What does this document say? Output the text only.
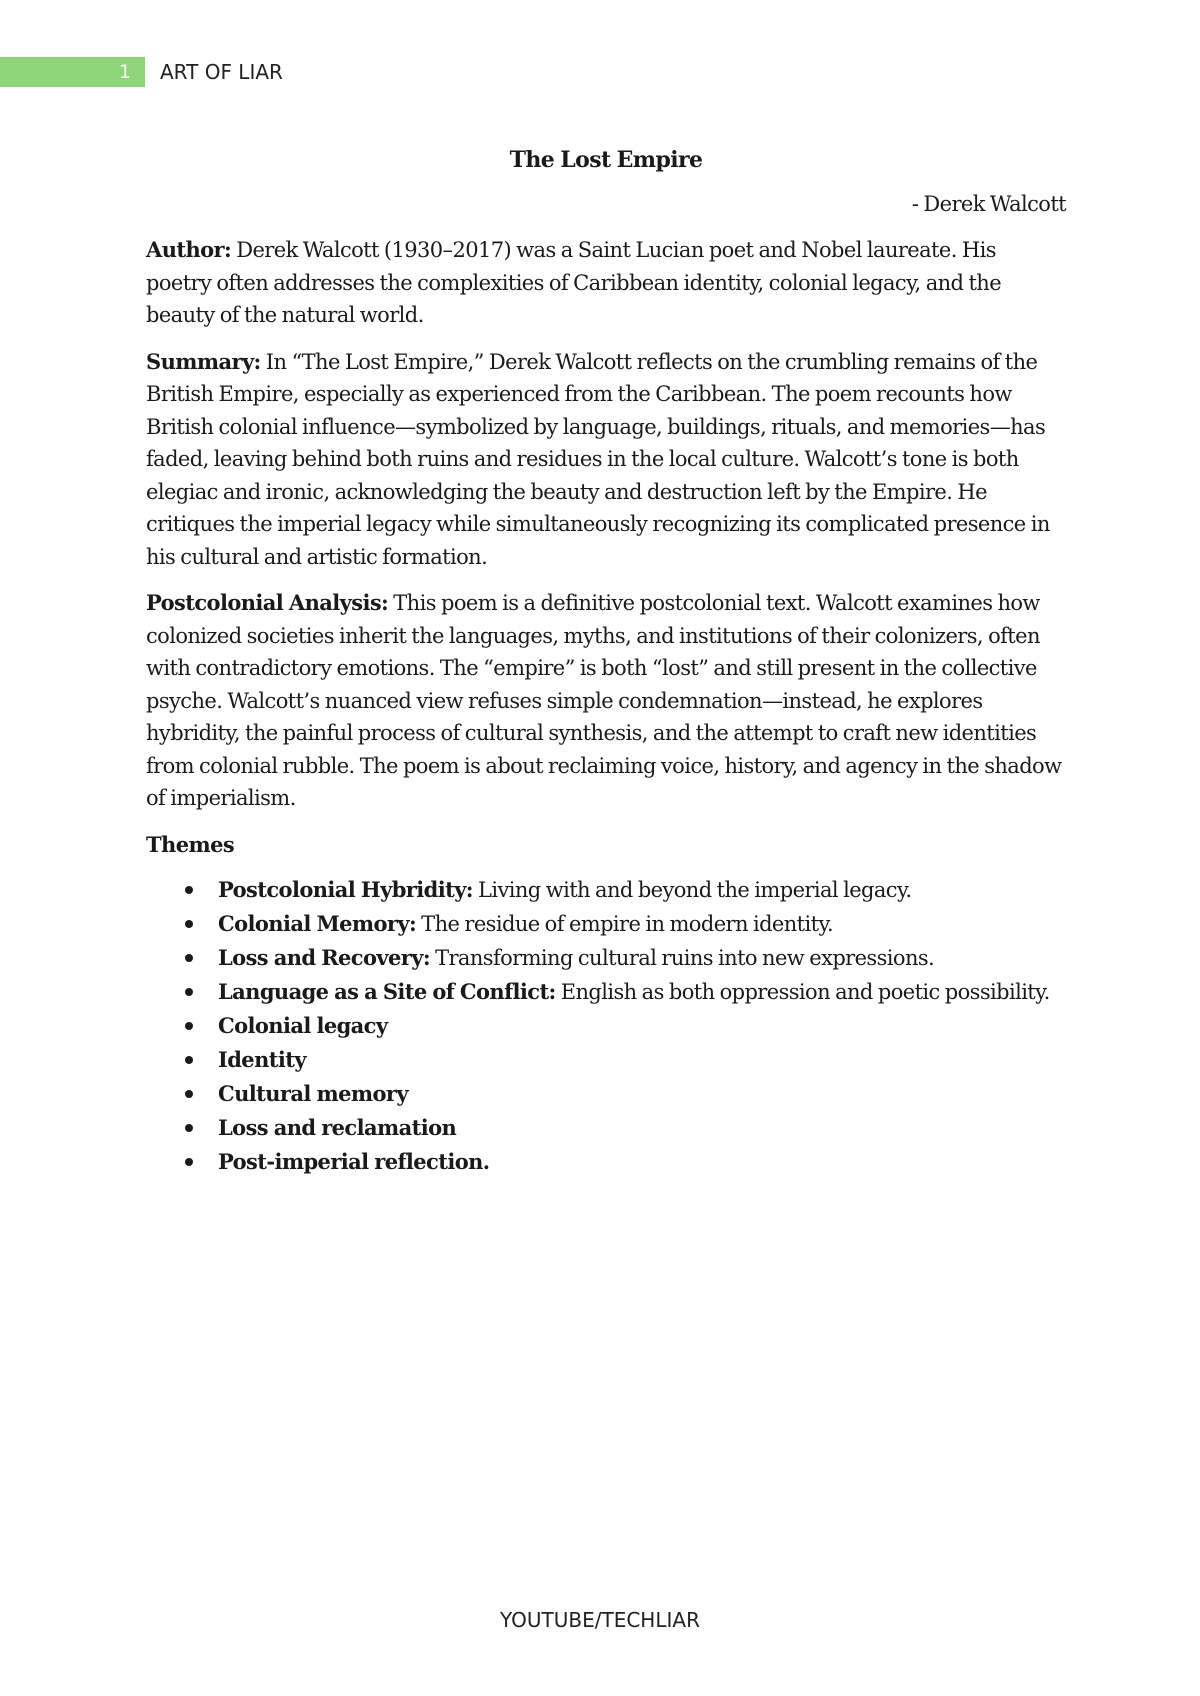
1	ART OF LIAR
The Lost Empire
- Derek Walcott

Author: Derek Walcott (1930–2017) was a Saint Lucian poet and Nobel laureate. His poetry often addresses the complexities of Caribbean identity, colonial legacy, and the beauty of the natural world.

Summary: In “The Lost Empire,” Derek Walcott reflects on the crumbling remains of the British Empire, especially as experienced from the Caribbean. The poem recounts how British colonial influence—symbolized by language, buildings, rituals, and memories—has faded, leaving behind both ruins and residues in the local culture. Walcott’s tone is both elegiac and ironic, acknowledging the beauty and destruction left by the Empire. He critiques the imperial legacy while simultaneously recognizing its complicated presence in his cultural and artistic formation.

Postcolonial Analysis: This poem is a definitive postcolonial text. Walcott examines how colonized societies inherit the languages, myths, and institutions of their colonizers, often with contradictory emotions. The “empire” is both “lost” and still present in the collective psyche. Walcott’s nuanced view refuses simple condemnation—instead, he explores hybridity, the painful process of cultural synthesis, and the attempt to craft new identities from colonial rubble. The poem is about reclaiming voice, history, and agency in the shadow of imperialism.

Themes
Postcolonial Hybridity: Living with and beyond the imperial legacy.
Colonial Memory: The residue of empire in modern identity.
Loss and Recovery: Transforming cultural ruins into new expressions.
Language as a Site of Conflict: English as both oppression and poetic possibility.
Colonial legacy
Identity
Cultural memory
Loss and reclamation
Post-imperial reflection.
YOUTUBE/TECHLIAR
